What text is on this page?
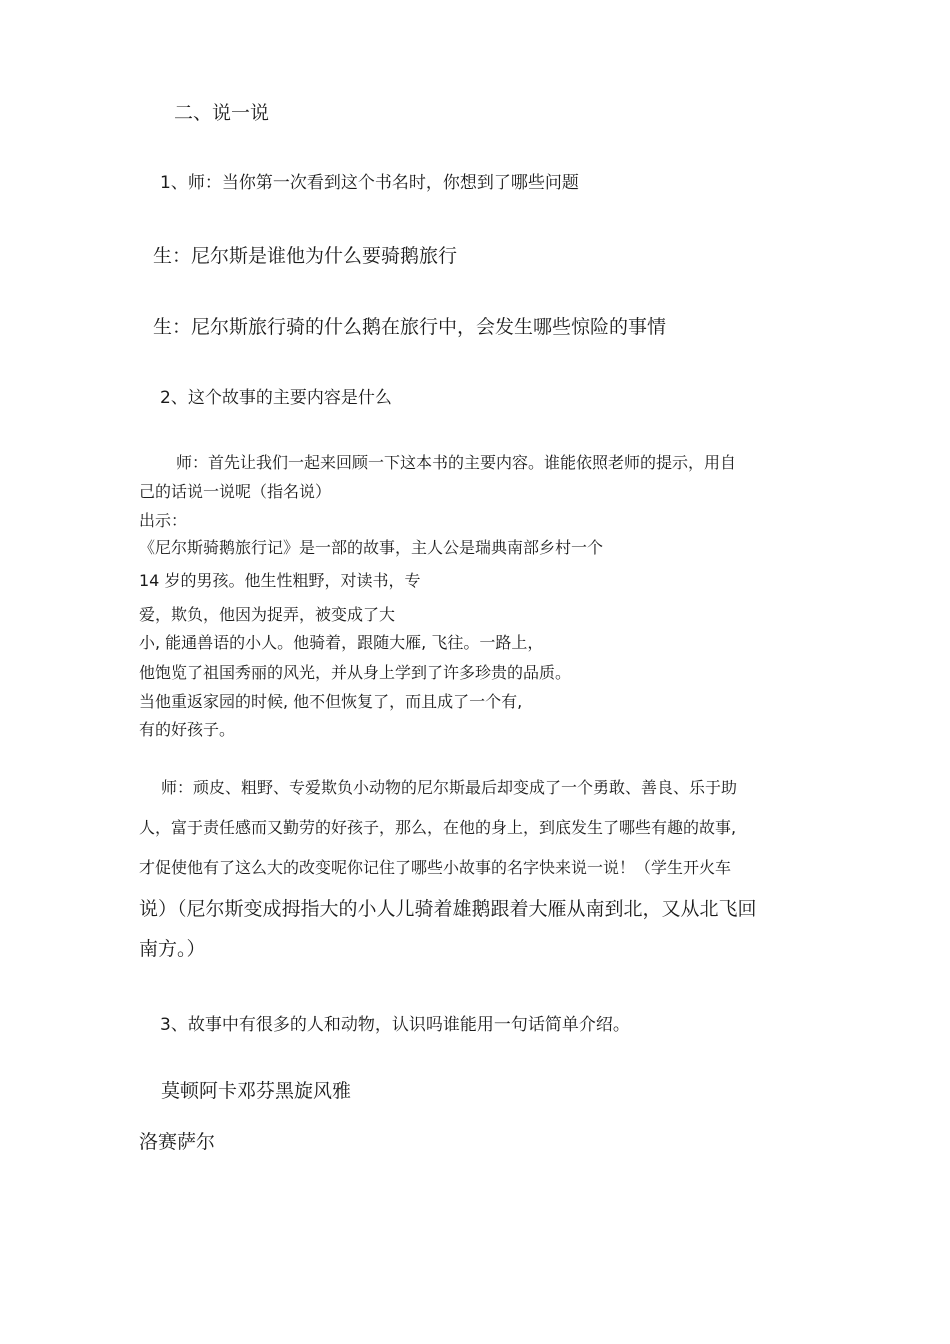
二、说一说
1、师：当你第一次看到这个书名时，你想到了哪些问题
生：尼尔斯是谁他为什么要骑鹅旅行
生：尼尔斯旅行骑的什么鹅在旅行中，会发生哪些惊险的事情
2、这个故事的主要内容是什么
师：首先让我们一起来回顾一下这本书的主要内容。谁能依照老师的提示，用自
己的话说一说呢（指名说）
出示：
《尼尔斯骑鹅旅行记》是一部的故事，主人公是瑞典南部乡村一个
14 岁的男孩。他生性粗野，对读书，专
爱，欺负，他因为捉弄，被变成了大
小, 能通兽语的小人。他骑着，跟随大雁, 飞往。一路上，
他饱览了祖国秀丽的风光，并从身上学到了许多珍贵的品质。
当他重返家园的时候, 他不但恢复了，而且成了一个有,
有的好孩子。
师：顽皮、粗野、专爱欺负小动物的尼尔斯最后却变成了一个勇敢、善良、乐于助
人，富于责任感而又勤劳的好孩子，那么，在他的身上，到底发生了哪些有趣的故事,
才促使他有了这么大的改变呢你记住了哪些小故事的名字快来说一说！（学生开火车
说）（尼尔斯变成拇指大的小人儿骑着雄鹅跟着大雁从南到北，又从北飞回
南方。）
3、故事中有很多的人和动物，认识吗谁能用一句话简单介绍。
莫顿阿卡邓芬黑旋风雅
洛赛萨尔
